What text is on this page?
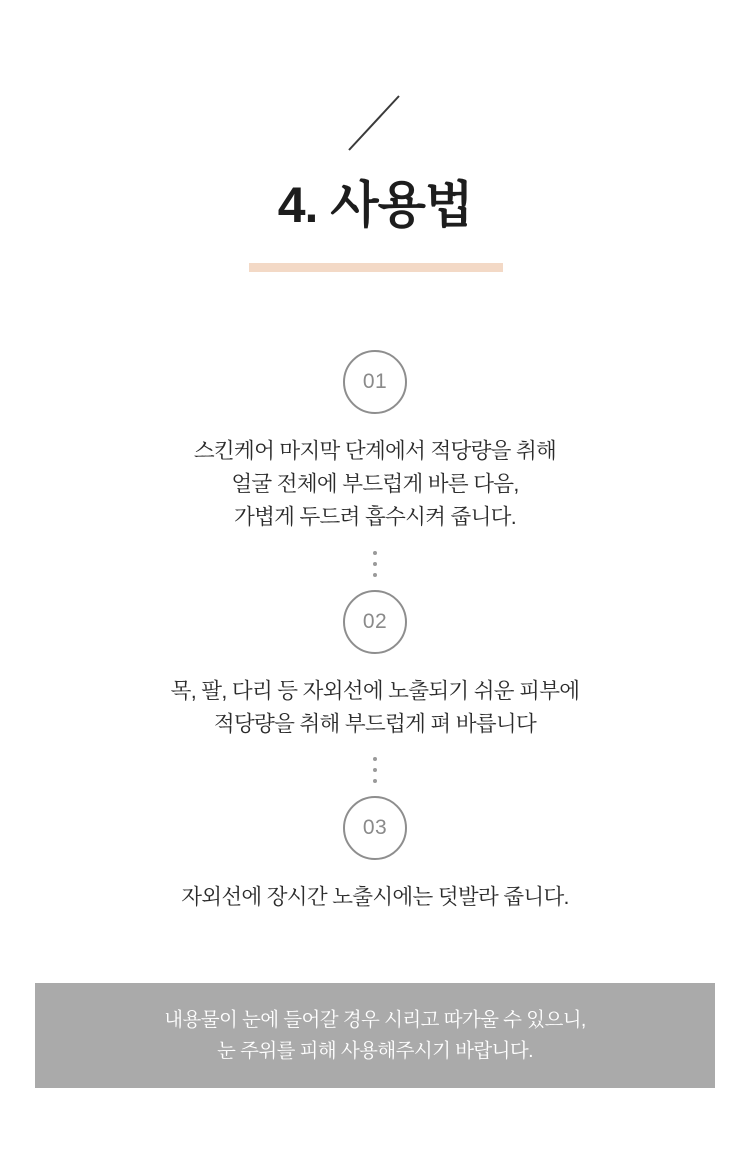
4. 사용법
01
스킨케어 마지막 단계에서 적당량을 취해
얼굴 전체에 부드럽게 바른 다음,
가볍게 두드려 흡수시켜 줍니다.
02
목, 팔, 다리 등 자외선에 노출되기 쉬운 피부에
적당량을 취해 부드럽게 펴 바릅니다
03
자외선에 장시간 노출시에는 덧발라 줍니다.
내용물이 눈에 들어갈 경우 시리고 따가울 수 있으니,
눈 주위를 피해 사용해주시기 바랍니다.
